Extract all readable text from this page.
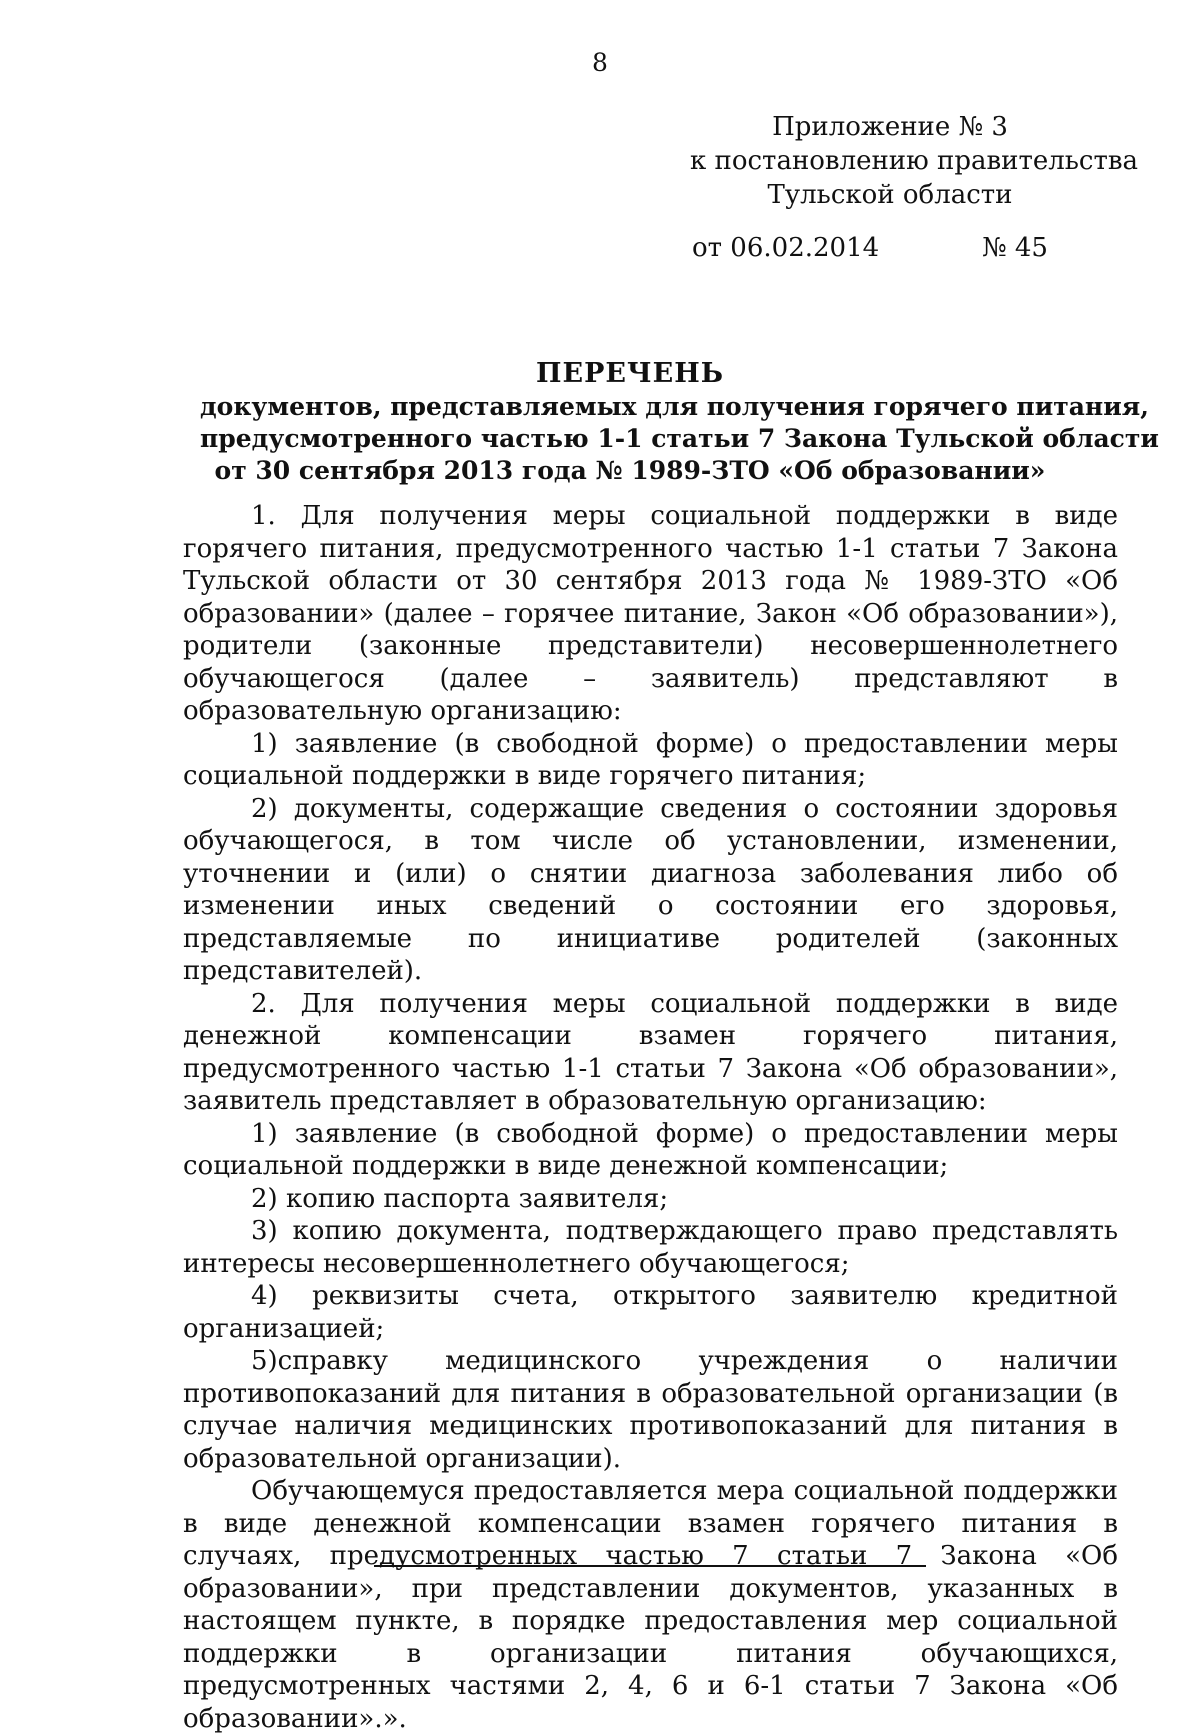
8
Приложение № 3
к постановлению правительства
Тульской области
от 06.02.2014	№ 45
ПЕРЕЧЕНЬ
документов, представляемых для получения горячего питания,
предусмотренного частью 1-1 статьи 7 Закона Тульской области
от 30 сентября 2013 года № 1989-ЗТО «Об образовании»

1. Для получения меры социальной поддержки в виде горячего питания, предусмотренного частью 1-1 статьи 7 Закона Тульской области от 30 сентября 2013 года № 1989-ЗТО «Об образовании» (далее – горячее питание, Закон «Об образовании»), родители (законные представители) несовершеннолетнего обучающегося (далее – заявитель) представляют в образовательную организацию:

1) заявление (в свободной форме) о предоставлении меры социальной поддержки в виде горячего питания;

2) документы, содержащие сведения о состоянии здоровья обучающегося, в том числе об установлении, изменении, уточнении и (или) о снятии диагноза заболевания либо об изменении иных сведений о состоянии его здоровья, представляемые по инициативе родителей (законных представителей).

2. Для получения меры социальной поддержки в виде денежной компенсации взамен горячего питания, предусмотренного частью 1-1 статьи 7 Закона «Об образовании», заявитель представляет в образовательную организацию:

1) заявление (в свободной форме) о предоставлении меры социальной поддержки в виде денежной компенсации;

2) копию паспорта заявителя;

3) копию документа, подтверждающего право представлять интересы несовершеннолетнего обучающегося;

4) реквизиты счета, открытого заявителю кредитной организацией;

5)справку медицинского учреждения о наличии противопоказаний для питания в образовательной организации (в случае наличия медицинских противопоказаний для питания в образовательной организации).

Обучающемуся предоставляется мера социальной поддержки в виде денежной компенсации взамен горячего питания в случаях, предусмотренных частью 7 статьи 7 Закона «Об образовании», при представлении документов, указанных в настоящем пункте, в порядке предоставления мер социальной поддержки в организации питания обучающихся, предусмотренных частями 2, 4, 6 и 6-1 статьи 7 Закона «Об образовании».».
